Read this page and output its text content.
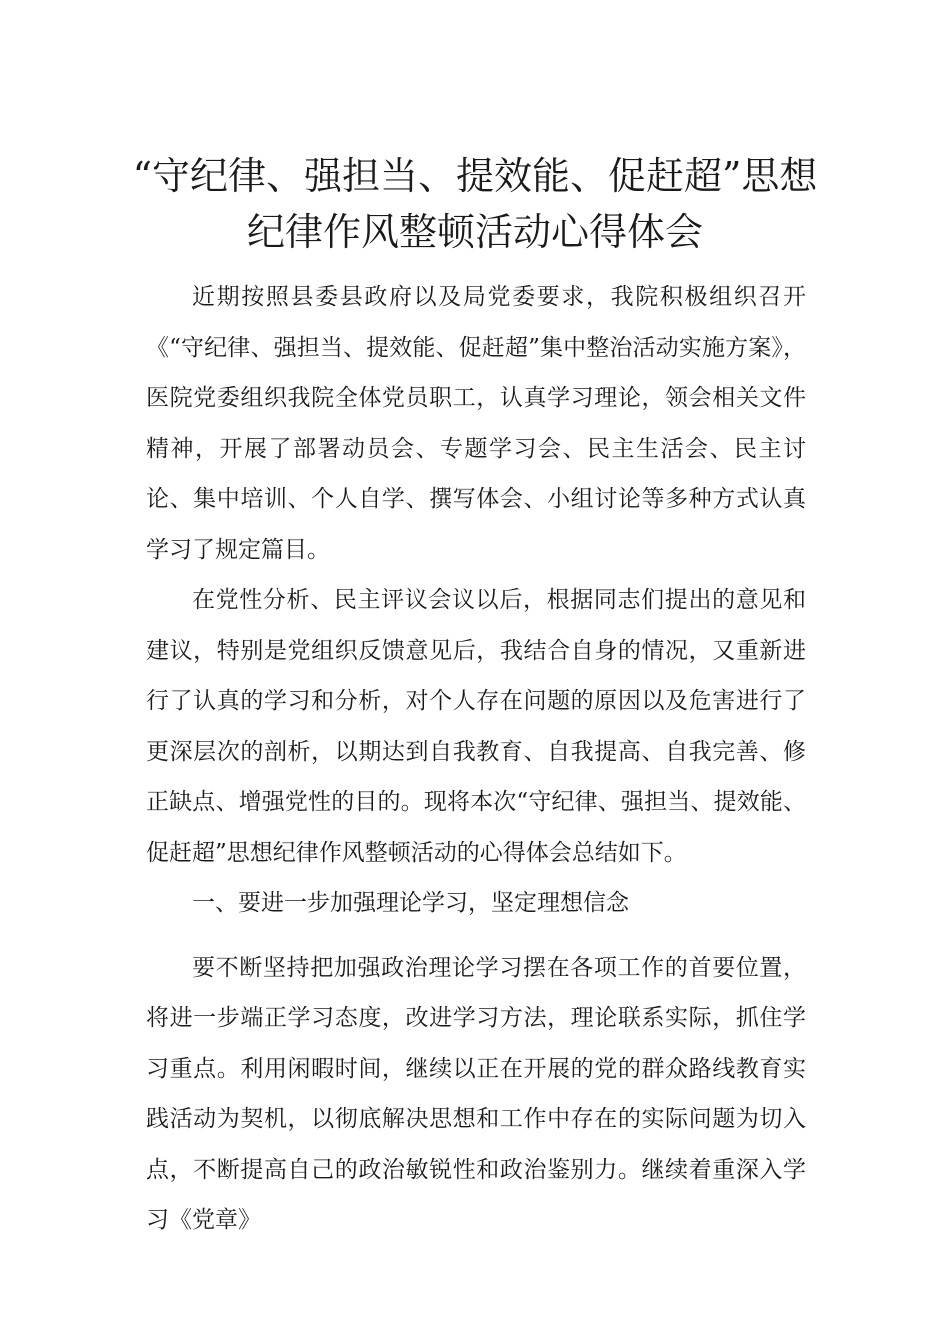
“守纪律、强担当、提效能、促赶超”思想
纪律作风整顿活动心得体会

近期按照县委县政府以及局党委要求，我院积极组织召开《“守纪律、强担当、提效能、促赶超”集中整治活动实施方案》，医院党委组织我院全体党员职工，认真学习理论，领会相关文件精神，开展了部署动员会、专题学习会、民主生活会、民主讨论、集中培训、个人自学、撰写体会、小组讨论等多种方式认真学习了规定篇目。

在党性分析、民主评议会议以后，根据同志们提出的意见和建议，特别是党组织反馈意见后，我结合自身的情况，又重新进行了认真的学习和分析，对个人存在问题的原因以及危害进行了更深层次的剖析，以期达到自我教育、自我提高、自我完善、修正缺点、增强党性的目的。现将本次“守纪律、强担当、提效能、促赶超”思想纪律作风整顿活动的心得体会总结如下。

一、要进一步加强理论学习，坚定理想信念

要不断坚持把加强政治理论学习摆在各项工作的首要位置，将进一步端正学习态度，改进学习方法，理论联系实际，抓住学习重点。利用闲暇时间，继续以正在开展的党的群众路线教育实践活动为契机，以彻底解决思想和工作中存在的实际问题为切入点，不断提高自己的政治敏锐性和政治鉴别力。继续着重深入学习《党章》
